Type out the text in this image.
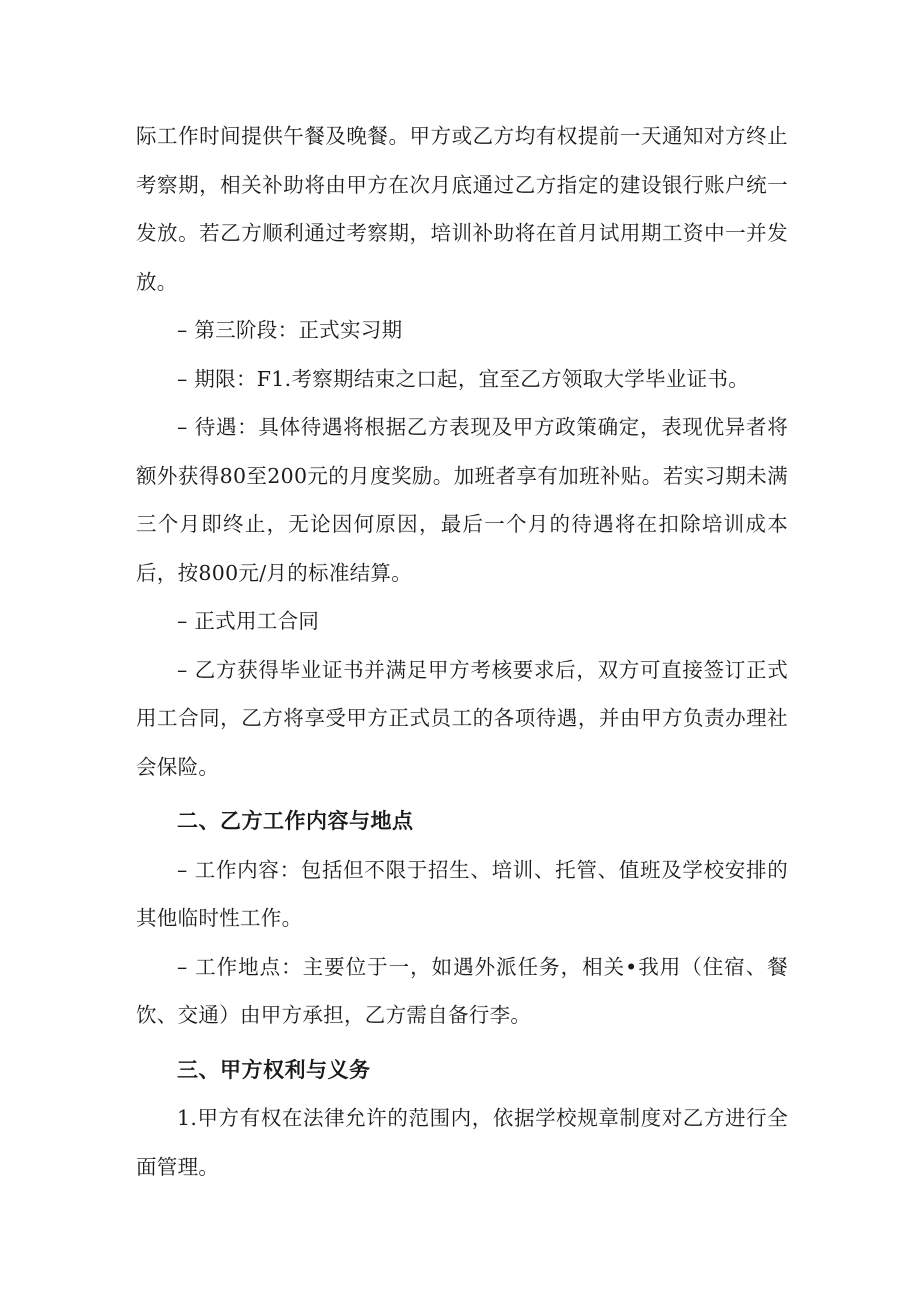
际工作时间提供午餐及晚餐。甲方或乙方均有权提前一天通知对方终止考察期，相关补助将由甲方在次月底通过乙方指定的建设银行账户统一发放。若乙方顺利通过考察期，培训补助将在首月试用期工资中一并发放。

– 第三阶段：正式实习期

– 期限：F1.考察期结束之口起，宜至乙方领取大学毕业证书。

– 待遇：具体待遇将根据乙方表现及甲方政策确定，表现优异者将额外获得80至200元的月度奖励。加班者享有加班补贴。若实习期未满三个月即终止，无论因何原因，最后一个月的待遇将在扣除培训成本后，按800元/月的标准结算。

– 正式用工合同

– 乙方获得毕业证书并满足甲方考核要求后，双方可直接签订正式用工合同，乙方将享受甲方正式员工的各项待遇，并由甲方负责办理社会保险。

二、乙方工作内容与地点

– 工作内容：包括但不限于招生、培训、托管、值班及学校安排的其他临时性工作。

– 工作地点：主要位于一，如遇外派任务，相关•我用（住宿、餐饮、交通）由甲方承担，乙方需自备行李。

三、甲方权利与义务

1.甲方有权在法律允许的范围内，依据学校规章制度对乙方进行全面管理。
